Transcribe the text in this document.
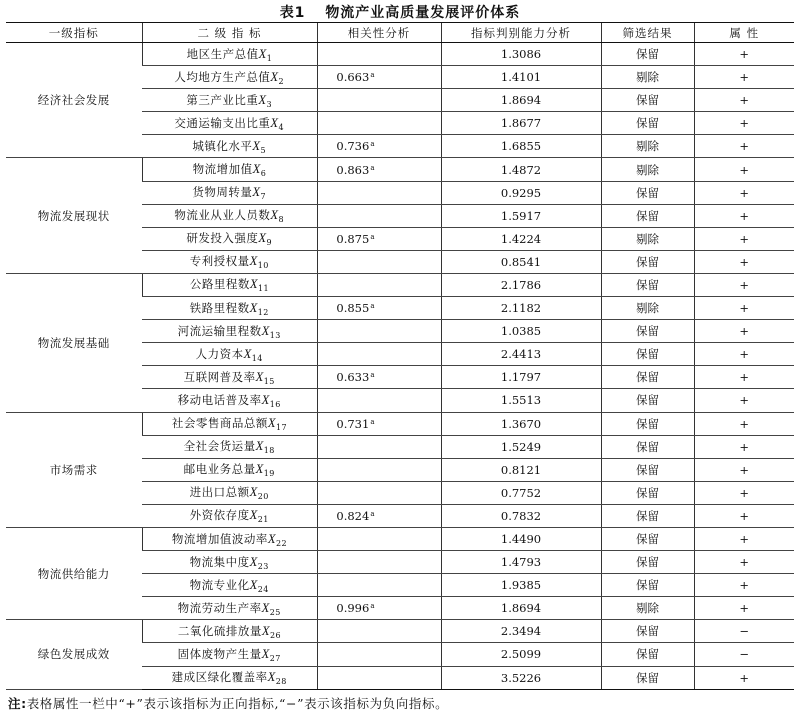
表1 物流产业高质量发展评价体系
一级指标	二 级 指 标	相关性分析	指标判别能力分析	筛选结果	属 性
经济社会发展	地区生产总值$X_1$		1.3086	保留	+
	人均地方生产总值$X_2$	0.663$^a$	1.4101	剔除	+
	第三产业比重$X_3$		1.8694	保留	+
	交通运输支出比重$X_4$		1.8677	保留	+
	城镇化水平$X_5$	0.736$^a$	1.6855	剔除	+
物流发展现状	物流增加值$X_6$	0.863$^a$	1.4872	剔除	+
	货物周转量$X_7$		0.9295	保留	+
	物流业从业人员数$X_8$		1.5917	保留	+
	研发投入强度$X_9$	0.875$^a$	1.4224	剔除	+
	专利授权量$X_{10}$		0.8541	保留	+
物流发展基础	公路里程数$X_{11}$		2.1786	保留	+
	铁路里程数$X_{12}$	0.855$^a$	2.1182	剔除	+
	河流运输里程数$X_{13}$		1.0385	保留	+
	人力资本$X_{14}$		2.4413	保留	+
	互联网普及率$X_{15}$	0.633$^a$	1.1797	保留	+
	移动电话普及率$X_{16}$		1.5513	保留	+
市场需求	社会零售商品总额$X_{17}$	0.731$^a$	1.3670	保留	+
	全社会货运量$X_{18}$		1.5249	保留	+
	邮电业务总量$X_{19}$		0.8121	保留	+
	进出口总额$X_{20}$		0.7752	保留	+
	外资依存度$X_{21}$	0.824$^a$	0.7832	保留	+
物流供给能力	物流增加值波动率$X_{22}$		1.4490	保留	+
	物流集中度$X_{23}$		1.4793	保留	+
	物流专业化$X_{24}$		1.9385	保留	+
	物流劳动生产率$X_{25}$	0.996$^a$	1.8694	剔除	+
绿色发展成效	二氧化硫排放量$X_{26}$		2.3494	保留	−
	固体废物产生量$X_{27}$		2.5099	保留	−
	建成区绿化覆盖率$X_{28}$		3.5226	保留	+
注:表格属性一栏中“+”表示该指标为正向指标,“−”表示该指标为负向指标。
